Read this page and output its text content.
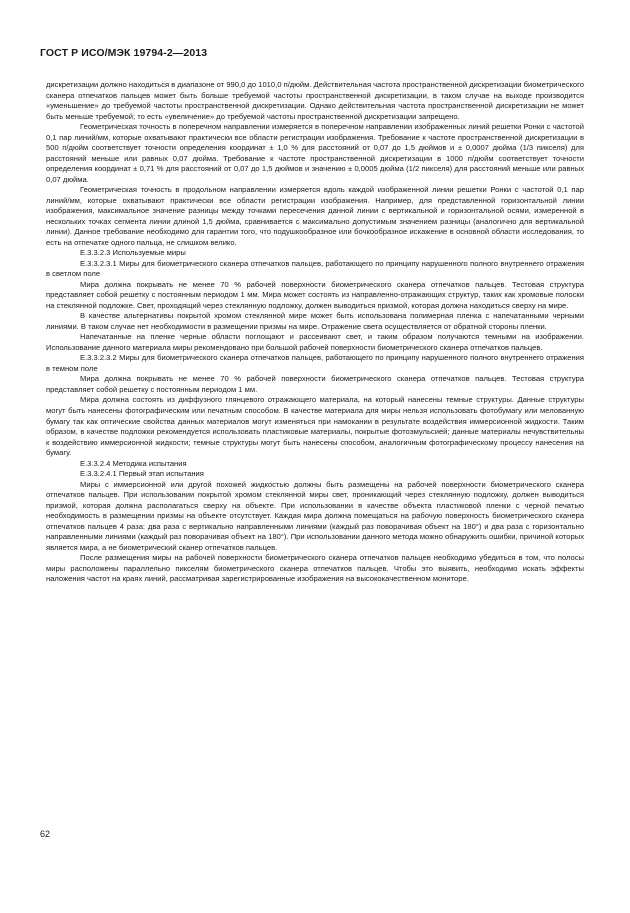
ГОСТ Р ИСО/МЭК 19794-2—2013

дискретизации должно находиться в диапазоне от 990,0 до 1010,0 п/дюйм. Действительная частота пространственной дискретизации биометрического сканера отпечатков пальцев может быть больше требуемой частоты пространственной дискретизации, в таком случае на выходе производится «уменьшение» до требуемой частоты пространственной дискретизации. Однако действительная частота пространственной дискретизации не может быть меньше требуемой; то есть «увеличение» до требуемой частоты пространственной дискретизации запрещено.

Геометрическая точность в поперечном направлении измеряется в поперечном направлении изображенных линий решетки Ронки с частотой 0,1 пар линий/мм, которые охватывают практически все области регистрации изображения. Требование к частоте пространственной дискретизации в 500 п/дюйм соответствует точности определения координат ± 1,0 % для расстояний от 0,07 до 1,5 дюймов и ± 0,0007 дюйма (1/3 пикселя) для расстояний меньше или равных 0,07 дюйма. Требование к частоте пространственной дискретизации в 1000 п/дюйм соответствует точности определения координат ± 0,71 % для расстояний от 0,07 до 1,5 дюймов и значению ± 0,0005 дюйма (1/2 пикселя) для расстояний меньше или равных 0,07 дюйма.

Геометрическая точность в продольном направлении измеряется вдоль каждой изображенной линии решетки Ронки с частотой 0,1 пар линий/мм, которые охватывают практически все области регистрации изображения. Например, для представленной горизонтальной линии изображения, максимальное значение разницы между точками пересечения данной линии с вертикальной и горизонтальной осями, измеренной в нескольких точках сегмента линии длиной 1,5 дюйма, сравнивается с максимально допустимым значением разницы (аналогично для вертикальной линии). Данное требование необходимо для гарантии того, что подушкообразное или бочкообразное искажение в основной области исследования, то есть на отпечатке одного пальца, не слишком велико.

Е.3.3.2.3 Используемые миры

Е.3.3.2.3.1 Миры для биометрического сканера отпечатков пальцев, работающего по принципу нарушенного полного внутреннего отражения в светлом поле

Мира должна покрывать не менее 70 % рабочей поверхности биометрического сканера отпечатков пальцев. Тестовая структура представляет собой решетку с постоянным периодом 1 мм. Мира может состоять из направленно-отражающих структур, таких как хромовые полоски на стеклянной подложке. Свет, проходящий через стеклянную подложку, должен выводиться призмой, которая должна находиться сверху на мире.

В качестве альтернативы покрытой хромом стеклянной мире может быть использована полимерная пленка с напечатанными черными линиями. В таком случае нет необходимости в размещении призмы на мире. Отражение света осуществляется от обратной стороны пленки.

Напечатанные на пленке черные области поглощают и рассеивают свет, и таким образом получаются темными на изображении. Использование данного материала миры рекомендовано при большой рабочей поверхности биометрического сканера отпечатков пальцев.

Е.3.3.2.3.2 Миры для биометрического сканера отпечатков пальцев, работающего по принципу нарушенного полного внутреннего отражения в темном поле

Мира должна покрывать не менее 70 % рабочей поверхности биометрического сканера отпечатков пальцев. Тестовая структура представляет собой решетку с постоянным периодом 1 мм.

Мира должна состоять из диффузного глянцевого отражающего материала, на который нанесены темные структуры. Данные структуры могут быть нанесены фотографическим или печатным способом. В качестве материала для миры нельзя использовать фотобумагу или мелованную бумагу так как оптические свойства данных материалов могут изменяться при намокании в результате воздействия иммерсионной жидкости. Таким образом, в качестве подложки рекомендуется использовать пластиковые материалы, покрытые фотоэмульсией; данные материалы нечувствительны к воздействию иммерсионной жидкости; темные структуры могут быть нанесены способом, аналогичным фотографическому процессу нанесения на бумагу.

Е.3.3.2.4 Методика испытания

Е.3.3.2.4.1 Первый этап испытания

Миры с иммерсионной или другой похожей жидкостью должны быть размещены на рабочей поверхности биометрического сканера отпечатков пальцев. При использовании покрытой хромом стеклянной миры свет, проникающий через стеклянную подложку, должен выводиться призмой, которая должна располагаться сверху на объекте. При использовании в качестве объекта пластиковой пленки с черной печатью необходимость в размещении призмы на объекте отсутствует. Каждая мира должна помещаться на рабочую поверхность биометрического сканера отпечатков пальцев 4 раза: два раза с вертикально направленными линиями (каждый раз поворачивая объект на 180°) и два раза с горизонтально направленными линиями (каждый раз поворачивая объект на 180°). При использовании данного метода можно обнаружить ошибки, причиной которых является мира, а не биометрический сканер отпечатков пальцев.

После размещения миры на рабочей поверхности биометрического сканера отпечатков пальцев необходимо убедиться в том, что полосы миры расположены параллельно пикселям биометрического сканера отпечатков пальцев. Чтобы это выявить, необходимо искать эффекты наложения частот на краях линий, рассматривая зарегистрированные изображения на высококачественном мониторе.

62
